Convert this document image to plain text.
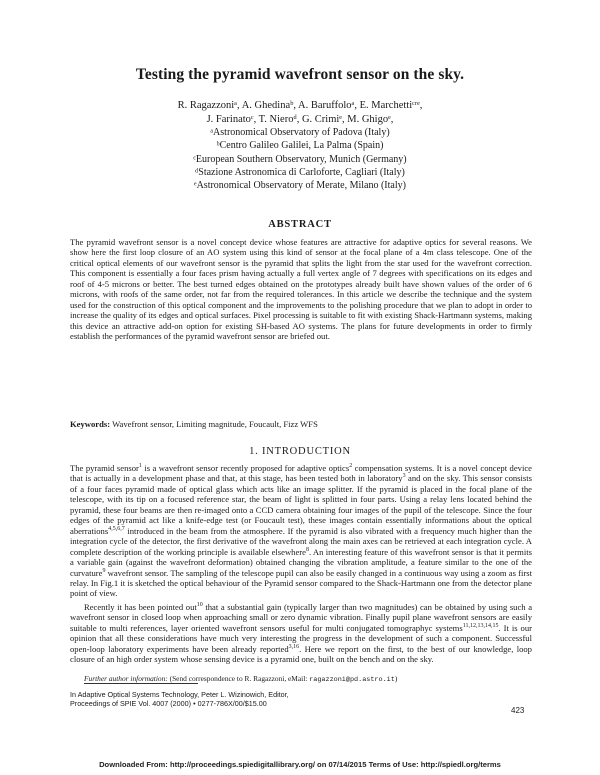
Testing the pyramid wavefront sensor on the sky.
R. Ragazzoniᵃ, A. Ghedinaᵇ, A. Baruffoloᵃ, E. Marchettiᶜʳᵉ,
J. Farinatoᶜ, T. Nieroᵈ, G. Crimiᵉ, M. Ghigoᵉ,
ᵃAstronomical Observatory of Padova (Italy)
ᵇCentro Galileo Galilei, La Palma (Spain)
ᶜEuropean Southern Observatory, Munich (Germany)
ᵈStazione Astronomica di Carloforte, Cagliari (Italy)
ᵉAstronomical Observatory of Merate, Milano (Italy)
ABSTRACT
The pyramid wavefront sensor is a novel concept device whose features are attractive for adaptive optics for several reasons. We show here the first loop closure of an AO system using this kind of sensor at the focal plane of a 4m class telescope. One of the critical optical elements of our wavefront sensor is the pyramid that splits the light from the star used for the wavefront correction. This component is essentially a four faces prism having actually a full vertex angle of 7 degrees with specifications on its edges and roof of 4-5 microns or better. The best turned edges obtained on the prototypes already built have shown values of the order of 6 microns, with roofs of the same order, not far from the required tolerances. In this article we describe the technique and the system used for the construction of this optical component and the improvements to the polishing procedure that we plan to adopt in order to increase the quality of its edges and optical surfaces. Pixel processing is suitable to fit with existing Shack-Hartmann systems, making this device an attractive add-on option for existing SH-based AO systems. The plans for future developments in order to firmly establish the performances of the pyramid wavefront sensor are briefed out.
Keywords: Wavefront sensor, Limiting magnitude, Foucault, Fizz WFS
1. INTRODUCTION
The pyramid sensor$^1$ is a wavefront sensor recently proposed for adaptive optics$^2$ compensation systems. It is a novel concept device that is actually in a development phase and that, at this stage, has been tested both in laboratory$^3$ and on the sky. This sensor consists of a four faces pyramid made of optical glass which acts like an image splitter. If the pyramid is placed in the focal plane of the telescope, with its tip on a focused reference star, the beam of light is splitted in four parts. Using a relay lens located behind the pyramid, these four beams are then re-imaged onto a CCD camera obtaining four images of the pupil of the telescope. Since the four edges of the pyramid act like a knife-edge test (or Foucault test), these images contain essentially informations about the optical aberrations$^{4,5,6,7}$ introduced in the beam from the atmosphere. If the pyramid is also vibrated with a frequency much higher than the integration cycle of the detector, the first derivative of the wavefront along the main axes can be retrieved at each integration cycle. A complete description of the working principle is available elsewhere$^8$. An interesting feature of this wavefront sensor is that it permits a variable gain (against the wavefront deformation) obtained changing the vibration amplitude, a feature similar to the one of the curvature$^9$ wavefront sensor. The sampling of the telescope pupil can also be easily changed in a continuous way using a zoom as first relay. In Fig.1 it is sketched the optical behaviour of the Pyramid sensor compared to the Shack-Hartmann one from the detector plane point of view.
Recently it has been pointed out$^{10}$ that a substantial gain (typically larger than two magnitudes) can be obtained by using such a wavefront sensor in closed loop when approaching small or zero dynamic vibration. Finally pupil plane wavefront sensors are easily suitable to multi references, layer oriented wavefront sensors useful for multi conjugated tomographyc systems$^{11,12,13,14,15}$. It is our opinion that all these considerations have much very interesting the progress in the development of such a component. Successful open-loop laboratory experiments have been already reported$^{3,16}$. Here we report on the first, to the best of our knowledge, loop closure of an high order system whose sensing device is a pyramid one, built on the bench and on the sky.
Further author information: (Send correspondence to R. Ragazzoni, eMail: ragazzoni@pd.astro.it)
In Adaptive Optical Systems Technology, Peter L. Wizinowich, Editor,
Proceedings of SPIE Vol. 4007 (2000) • 0277-786X/00/$15.00
423
Downloaded From: http://proceedings.spiedigitallibrary.org/ on 07/14/2015 Terms of Use: http://spiedl.org/terms
